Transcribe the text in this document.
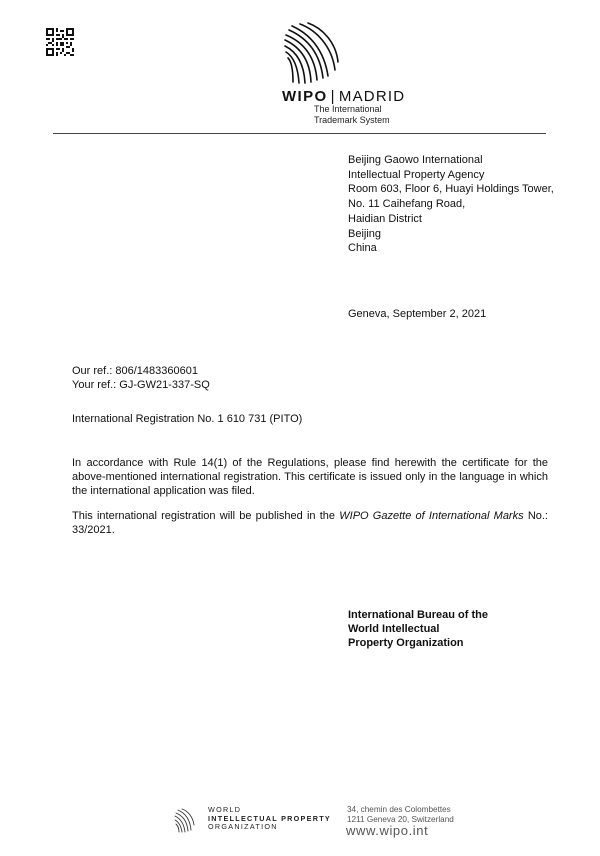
WIPO | MADRID
The International
Trademark System
Beijing Gaowo International
Intellectual Property Agency
Room 603, Floor 6, Huayi Holdings Tower,
No. 11 Caihefang Road,
Haidian District
Beijing
China
Geneva, September 2, 2021
Our ref.: 806/1483360601
Your ref.: GJ-GW21-337-SQ
International Registration No. 1 610 731 (PITO)
In accordance with Rule 14(1) of the Regulations, please find herewith the certificate for the above-mentioned international registration. This certificate is issued only in the language in which the international application was filed.
This international registration will be published in the WIPO Gazette of International Marks No.: 33/2021.
International Bureau of the
World Intellectual
Property Organization
WORLD
INTELLECTUAL PROPERTY
ORGANIZATION
34, chemin des Colombettes
1211 Geneva 20, Switzerland
www.wipo.int
